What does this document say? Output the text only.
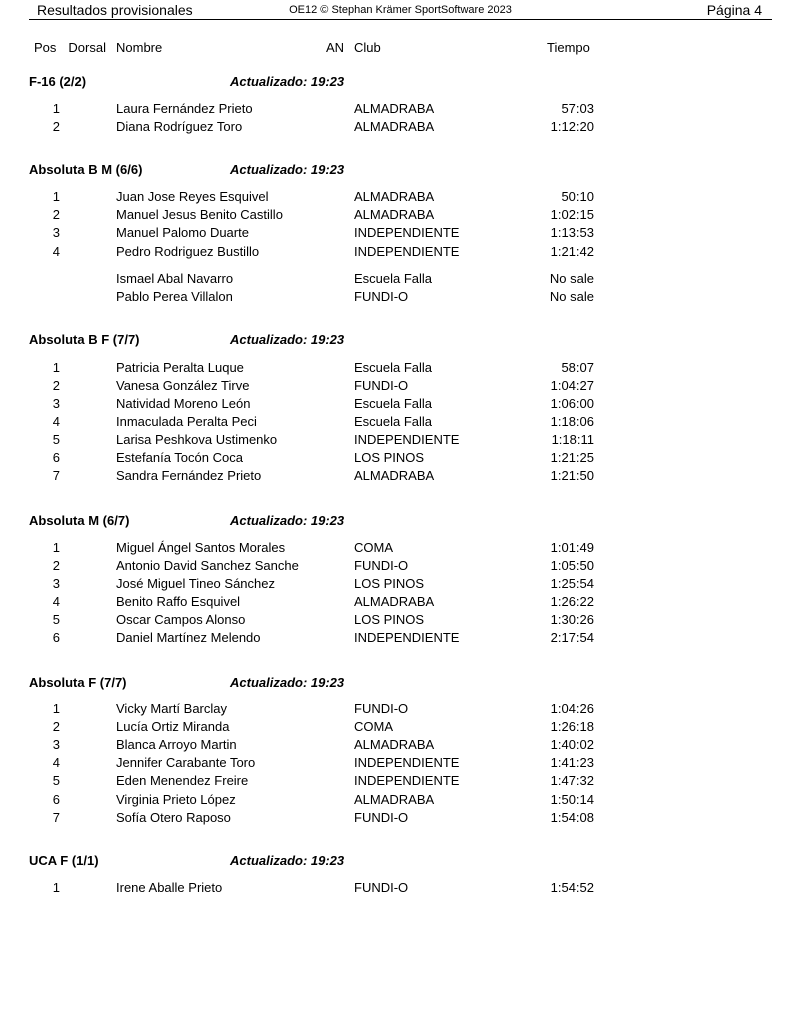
Resultados provisionales	OE12 © Stephan Krämer SportSoftware 2023	Página 4
Pos Dorsal Nombre	AN Club	Tiempo
F-16 (2/2)	Actualizado: 19:23
1	Laura Fernández Prieto	ALMADRABA	57:03
2	Diana Rodríguez Toro	ALMADRABA	1:12:20
Absoluta B M (6/6)	Actualizado: 19:23
1	Juan Jose Reyes Esquivel	ALMADRABA	50:10
2	Manuel Jesus Benito Castillo	ALMADRABA	1:02:15
3	Manuel Palomo Duarte	INDEPENDIENTE	1:13:53
4	Pedro Rodriguez Bustillo	INDEPENDIENTE	1:21:42
Ismael Abal Navarro	Escuela Falla	No sale
Pablo Perea Villalon	FUNDI-O	No sale
Absoluta B F (7/7)	Actualizado: 19:23
1	Patricia Peralta Luque	Escuela Falla	58:07
2	Vanesa González Tirve	FUNDI-O	1:04:27
3	Natividad Moreno León	Escuela Falla	1:06:00
4	Inmaculada Peralta Peci	Escuela Falla	1:18:06
5	Larisa Peshkova Ustimenko	INDEPENDIENTE	1:18:11
6	Estefanía Tocón Coca	LOS PINOS	1:21:25
7	Sandra Fernández Prieto	ALMADRABA	1:21:50
Absoluta M (6/7)	Actualizado: 19:23
1	Miguel Ángel Santos Morales	COMA	1:01:49
2	Antonio David Sanchez Sanche	FUNDI-O	1:05:50
3	José Miguel Tineo Sánchez	LOS PINOS	1:25:54
4	Benito Raffo Esquivel	ALMADRABA	1:26:22
5	Oscar Campos Alonso	LOS PINOS	1:30:26
6	Daniel Martínez Melendo	INDEPENDIENTE	2:17:54
Absoluta F (7/7)	Actualizado: 19:23
1	Vicky Martí Barclay	FUNDI-O	1:04:26
2	Lucía Ortiz Miranda	COMA	1:26:18
3	Blanca Arroyo Martin	ALMADRABA	1:40:02
4	Jennifer Carabante Toro	INDEPENDIENTE	1:41:23
5	Eden Menendez Freire	INDEPENDIENTE	1:47:32
6	Virginia Prieto López	ALMADRABA	1:50:14
7	Sofía Otero Raposo	FUNDI-O	1:54:08
UCA F (1/1)	Actualizado: 19:23
1	Irene Aballe Prieto	FUNDI-O	1:54:52
